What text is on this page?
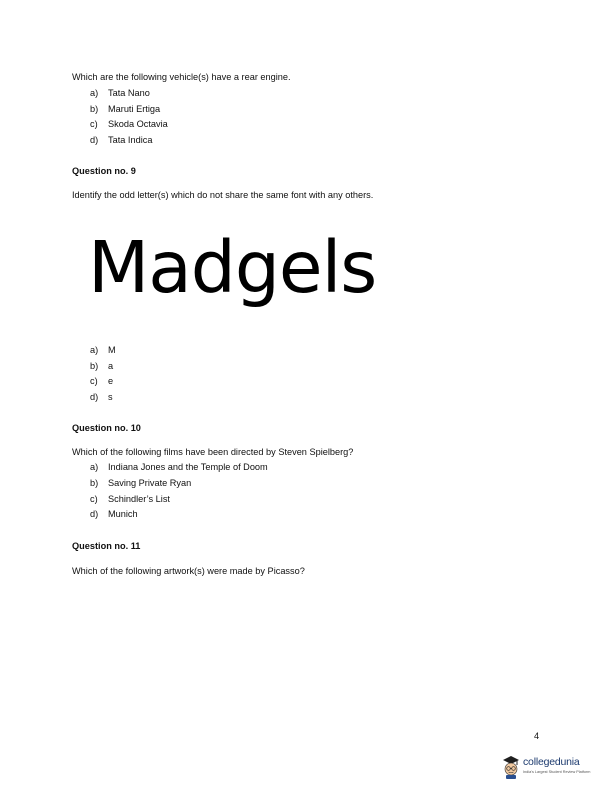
Which are the following vehicle(s) have a rear engine.
a) Tata Nano
b) Maruti Ertiga
c) Skoda Octavia
d) Tata Indica
Question no. 9
Identify the odd letter(s) which do not share the same font with any others.
Madgels
a) M
b) a
c) e
d) s
Question no. 10
Which of the following films have been directed by Steven Spielberg?
a) Indiana Jones and the Temple of Doom
b) Saving Private Ryan
c) Schindler’s List
d) Munich
Question no. 11
Which of the following artwork(s) were made by Picasso?
4
collegedunia
India's Largest Student Review Platform
